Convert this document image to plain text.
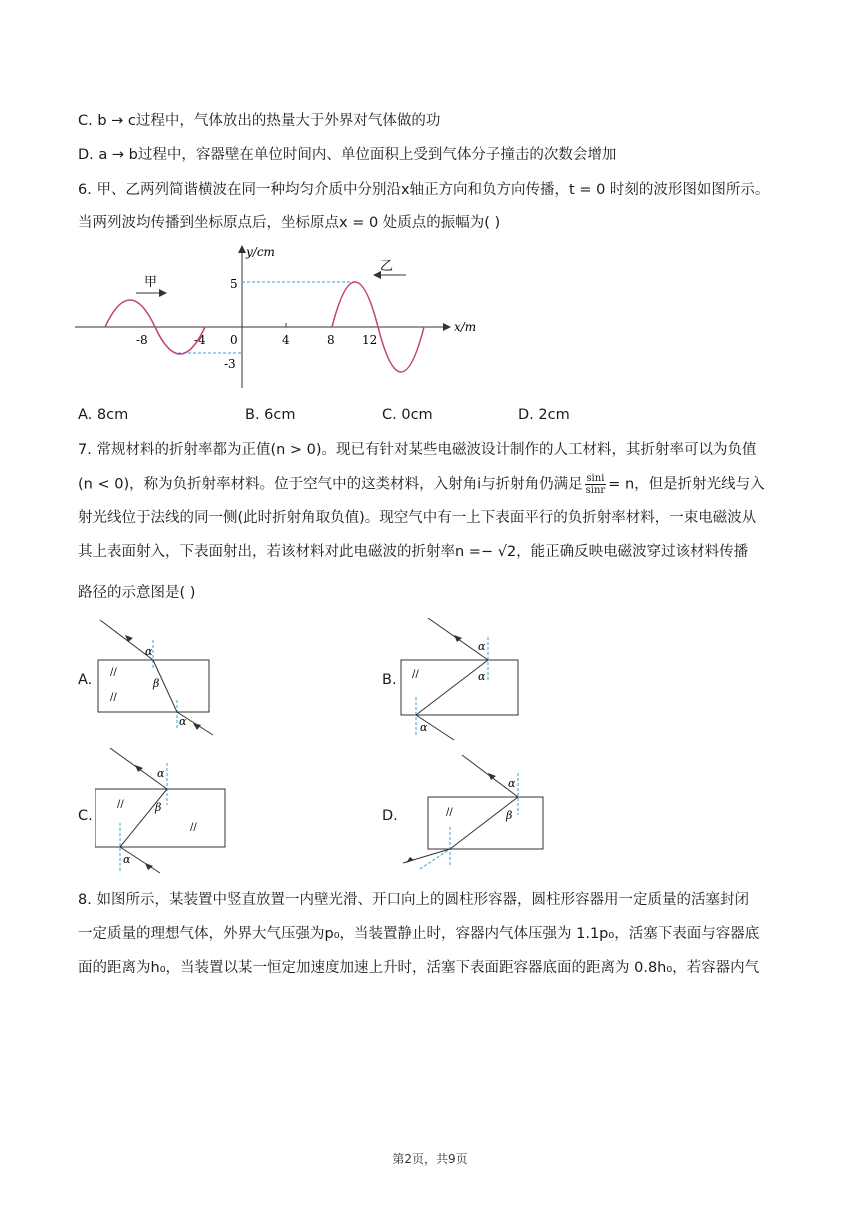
C. b → c过程中，气体放出的热量大于外界对气体做的功
D. a → b过程中，容器壁在单位时间内、单位面积上受到气体分子撞击的次数会增加
6. 甲、乙两列简谐横波在同一种均匀介质中分别沿x轴正方向和负方向传播，t = 0 时刻的波形图如图所示。
当两列波均传播到坐标原点后，坐标原点x = 0 处质点的振幅为( )
y/cm
x/m
-8	-4 0	4	8 12
5
-3
甲
乙
A. 8cm	B. 6cm	C. 0cm	D. 2cm
7. 常规材料的折射率都为正值(n > 0)。现已有针对某些电磁波设计制作的人工材料，其折射率可以为负值
(n < 0)，称为负折射率材料。位于空气中的这类材料，入射角i与折射角仍满足 $\frac{\sin i}{\sin r} = n$，但是折射光线与入
射光线位于法线的同一侧(此时折射角取负值)。现空气中有一上下表面平行的负折射率材料，一束电磁波从
其上表面射入，下表面射出，若该材料对此电磁波的折射率n =− √2，能正确反映电磁波穿过该材料传播
路径的示意图是( )
A. //
//
α
β
α
B. //
α
α
α
C.
//
//
α
β
α
D.	//
α
β
8. 如图所示，某装置中竖直放置一内壁光滑、开口向上的圆柱形容器，圆柱形容器用一定质量的活塞封闭
一定质量的理想气体，外界大气压强为p₀，当装置静止时，容器内气体压强为 1.1p₀，活塞下表面与容器底
面的距离为h₀，当装置以某一恒定加速度加速上升时，活塞下表面距容器底面的距离为 0.8h₀，若容器内气
第2页，共9页
